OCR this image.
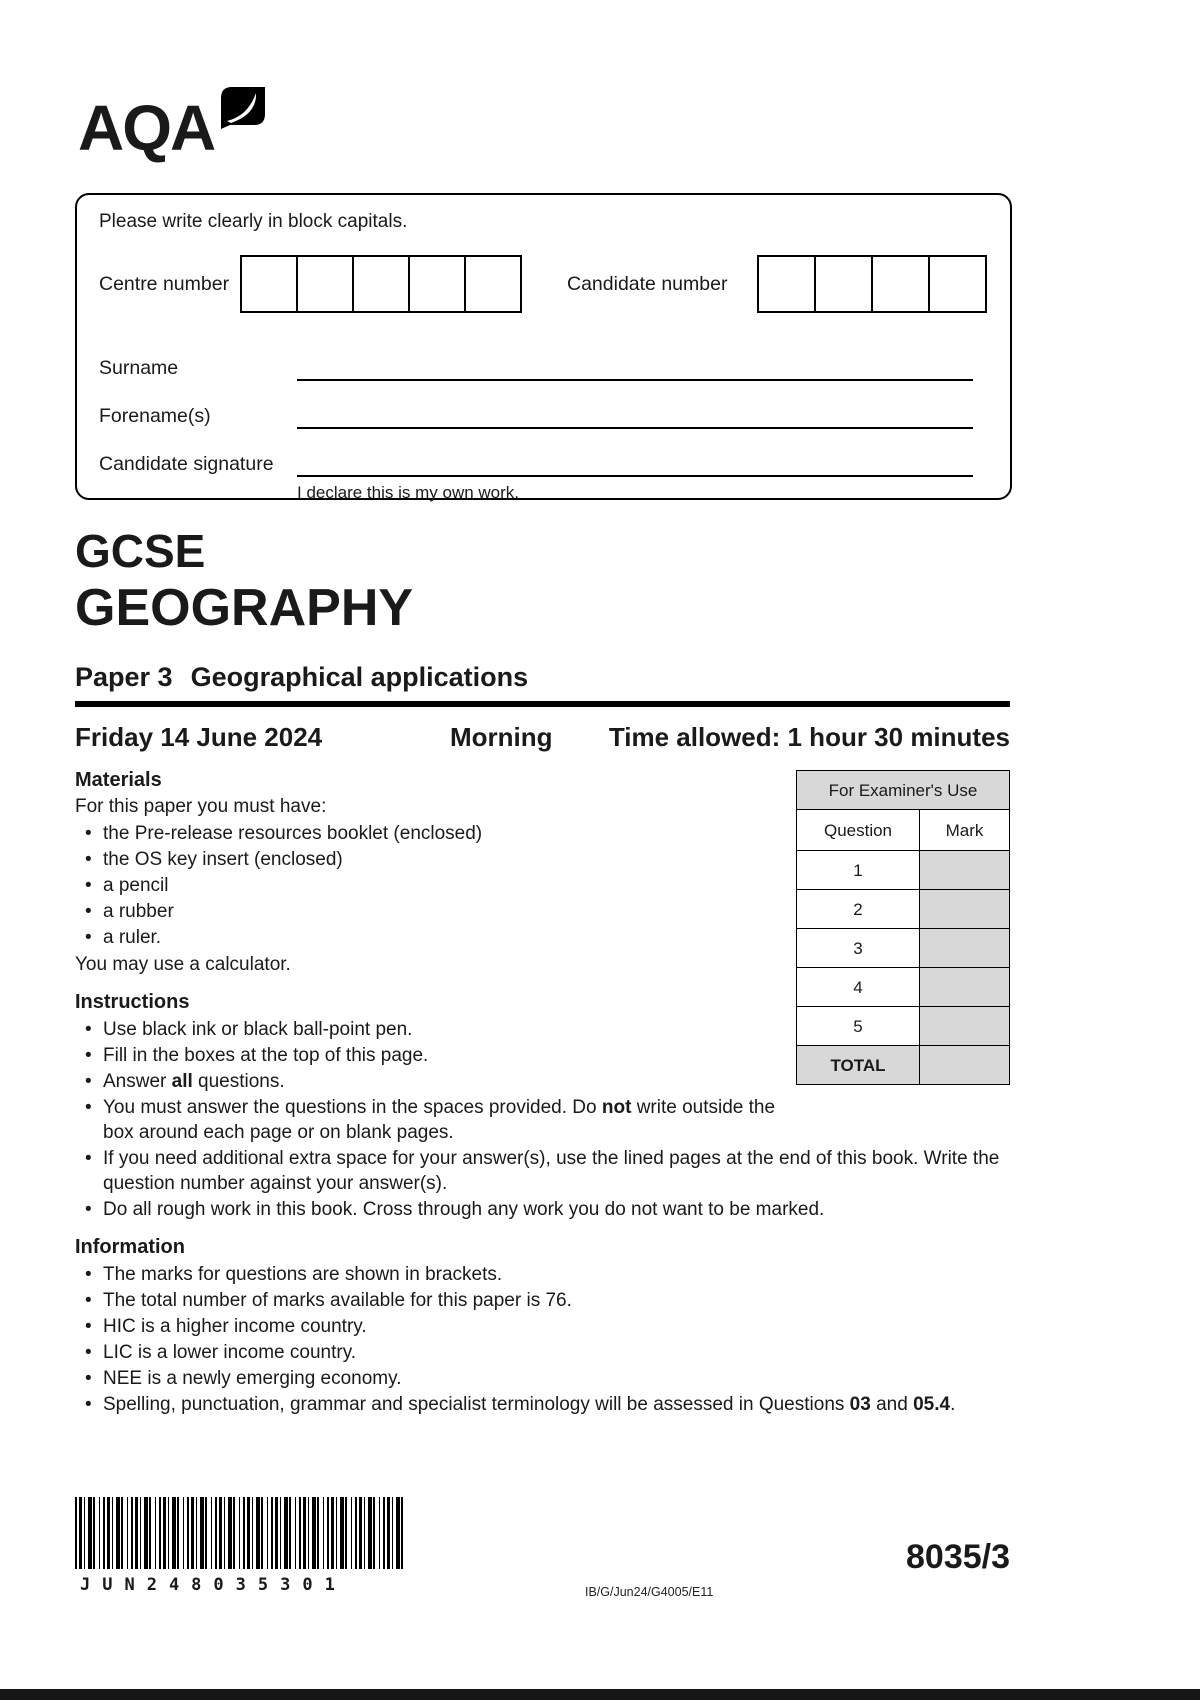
AQA
Please write clearly in block capitals.
Centre number	Candidate number
Surname
Forename(s)
Candidate signature
I declare this is my own work.
GCSE
GEOGRAPHY
Paper 3 Geographical applications
Friday 14 June 2024	Morning Time allowed: 1 hour 30 minutes
For Examiner's Use	
Question	Mark
1	
2	
3	
4	
5	
TOTAL	
Materials

For this paper you must have:

• the Pre-release resources booklet (enclosed)
• the OS key insert (enclosed)
• a pencil
• a rubber
• a ruler.

You may use a calculator.

Instructions
• Use black ink or black ball-point pen.
• Fill in the boxes at the top of this page.
• Answer all questions.
• You must answer the questions in the spaces provided. Do not write outside the box around each page or on blank pages.
• If you need additional extra space for your answer(s), use the lined pages at the end of this book. Write the question number against your answer(s).
• Do all rough work in this book. Cross through any work you do not want to be marked.
Information
• The marks for questions are shown in brackets.
• The total number of marks available for this paper is 76.
• HIC is a higher income country.
• LIC is a lower income country.
• NEE is a newly emerging economy.
• Spelling, punctuation, grammar and specialist terminology will be assessed in Questions 03 and 05.4.
JUN248035301	IB/G/Jun24/G4005/E11
8035/3
